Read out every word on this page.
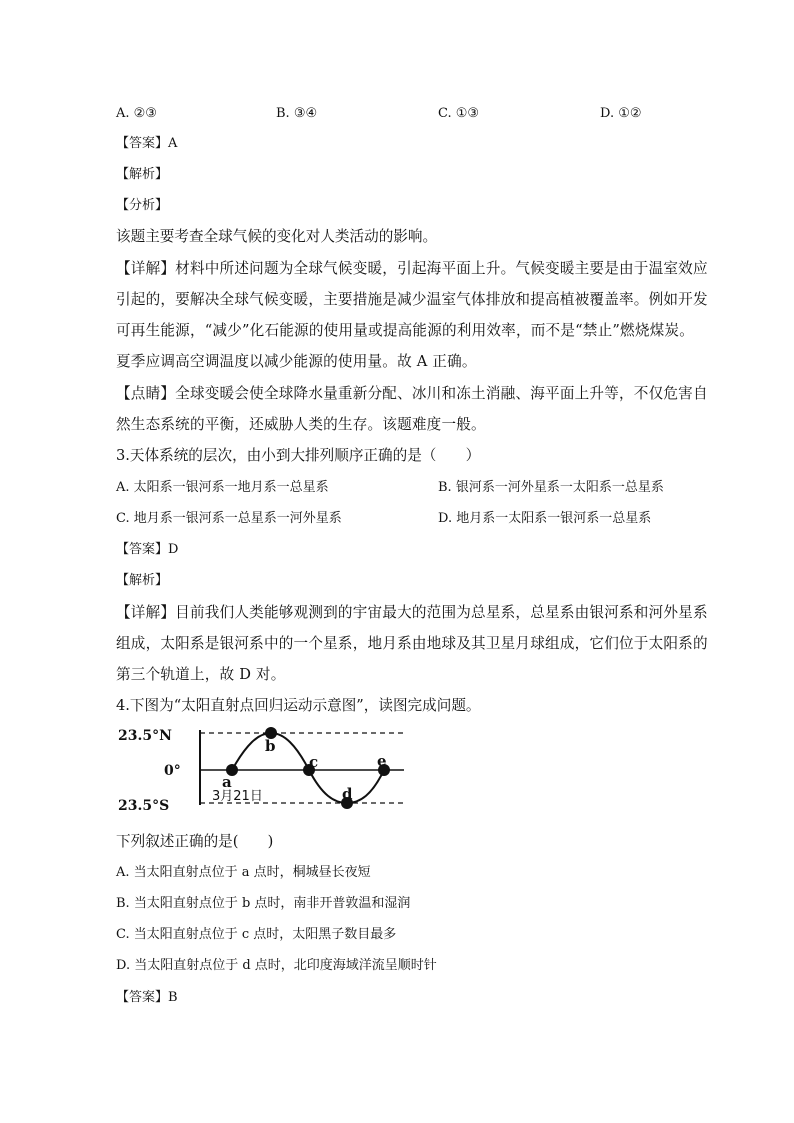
A. ②③	B. ③④	C. ①③	D. ①②
【答案】A
【解析】
【分析】
该题主要考查全球气候的变化对人类活动的影响。
【详解】材料中所述问题为全球气候变暖，引起海平面上升。气候变暖主要是由于温室效应
引起的，要解决全球气候变暖，主要措施是减少温室气体排放和提高植被覆盖率。例如开发
可再生能源，“减少”化石能源的使用量或提高能源的利用效率，而不是“禁止”燃烧煤炭。
夏季应调高空调温度以减少能源的使用量。故 A 正确。
【点睛】全球变暖会使全球降水量重新分配、冰川和冻土消融、海平面上升等，不仅危害自
然生态系统的平衡，还威胁人类的生存。该题难度一般。
3.天体系统的层次，由小到大排列顺序正确的是（　　）
A. 太阳系一银河系一地月系一总星系	B. 银河系一河外星系一太阳系一总星系
C. 地月系一银河系一总星系一河外星系	D. 地月系一太阳系一银河系一总星系
【答案】D
【解析】
【详解】目前我们人类能够观测到的宇宙最大的范围为总星系，总星系由银河系和河外星系
组成，太阳系是银河系中的一个星系，地月系由地球及其卫星月球组成，它们位于太阳系的
第三个轨道上，故 D 对。
4.下图为“太阳直射点回归运动示意图”，读图完成问题。
23.5°N
0°
23.5°S
a
b
c
d
e
3月21日
下列叙述正确的是(　　)
A. 当太阳直射点位于 a 点时，桐城昼长夜短
B. 当太阳直射点位于 b 点时，南非开普敦温和湿润
C. 当太阳直射点位于 c 点时，太阳黑子数目最多
D. 当太阳直射点位于 d 点时，北印度海域洋流呈顺时针
【答案】B
